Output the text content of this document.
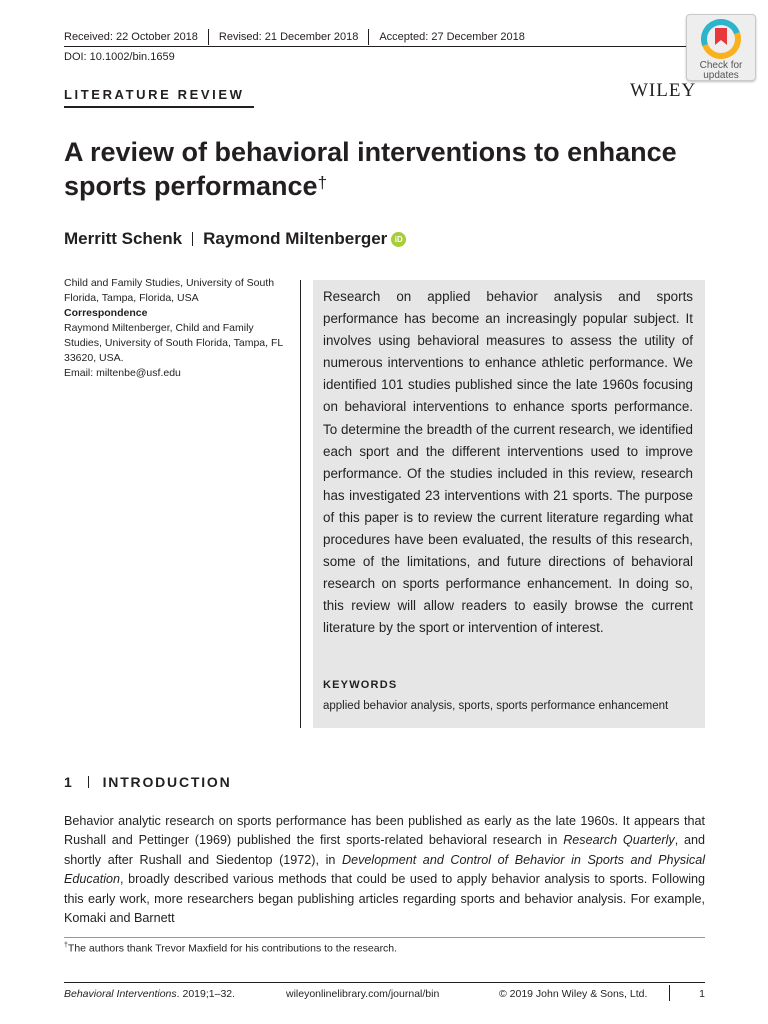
Received: 22 October 2018 Revised: 21 December 2018 Accepted: 27 December 2018
DOI: 10.1002/bin.1659
Check for
updates
WILEY
LITERATURE REVIEW
A review of behavioral interventions to enhance sports performance†
Merritt Schenk Raymond Miltenberger iD
Child and Family Studies, University of South Florida, Tampa, Florida, USA
Correspondence
Raymond Miltenberger, Child and Family Studies, University of South Florida, Tampa, FL 33620, USA.
Email: miltenbe@usf.edu
Research on applied behavior analysis and sports performance has become an increasingly popular subject. It involves using behavioral measures to assess the utility of numerous interventions to enhance athletic performance. We identified 101 studies published since the late 1960s focusing on behavioral interventions to enhance sports performance. To determine the breadth of the current research, we identified each sport and the different interventions used to improve performance. Of the studies included in this review, research has investigated 23 interventions with 21 sports. The purpose of this paper is to review the current literature regarding what procedures have been evaluated, the results of this research, some of the limitations, and future directions of behavioral research on sports performance enhancement. In doing so, this review will allow readers to easily browse the current literature by the sport or intervention of interest.
KEYWORDS
applied behavior analysis, sports, sports performance enhancement
1 INTRODUCTION
Behavior analytic research on sports performance has been published as early as the late 1960s. It appears that Rushall and Pettinger (1969) published the first sports-related behavioral research in Research Quarterly, and shortly after Rushall and Siedentop (1972), in Development and Control of Behavior in Sports and Physical Education, broadly described various methods that could be used to apply behavior analysis to sports. Following this early work, more researchers began publishing articles regarding sports and behavior analysis. For example, Komaki and Barnett
†The authors thank Trevor Maxfield for his contributions to the research.
Behavioral Interventions. 2019;1–32.	wileyonlinelibrary.com/journal/bin	© 2019 John Wiley & Sons, Ltd.	1
